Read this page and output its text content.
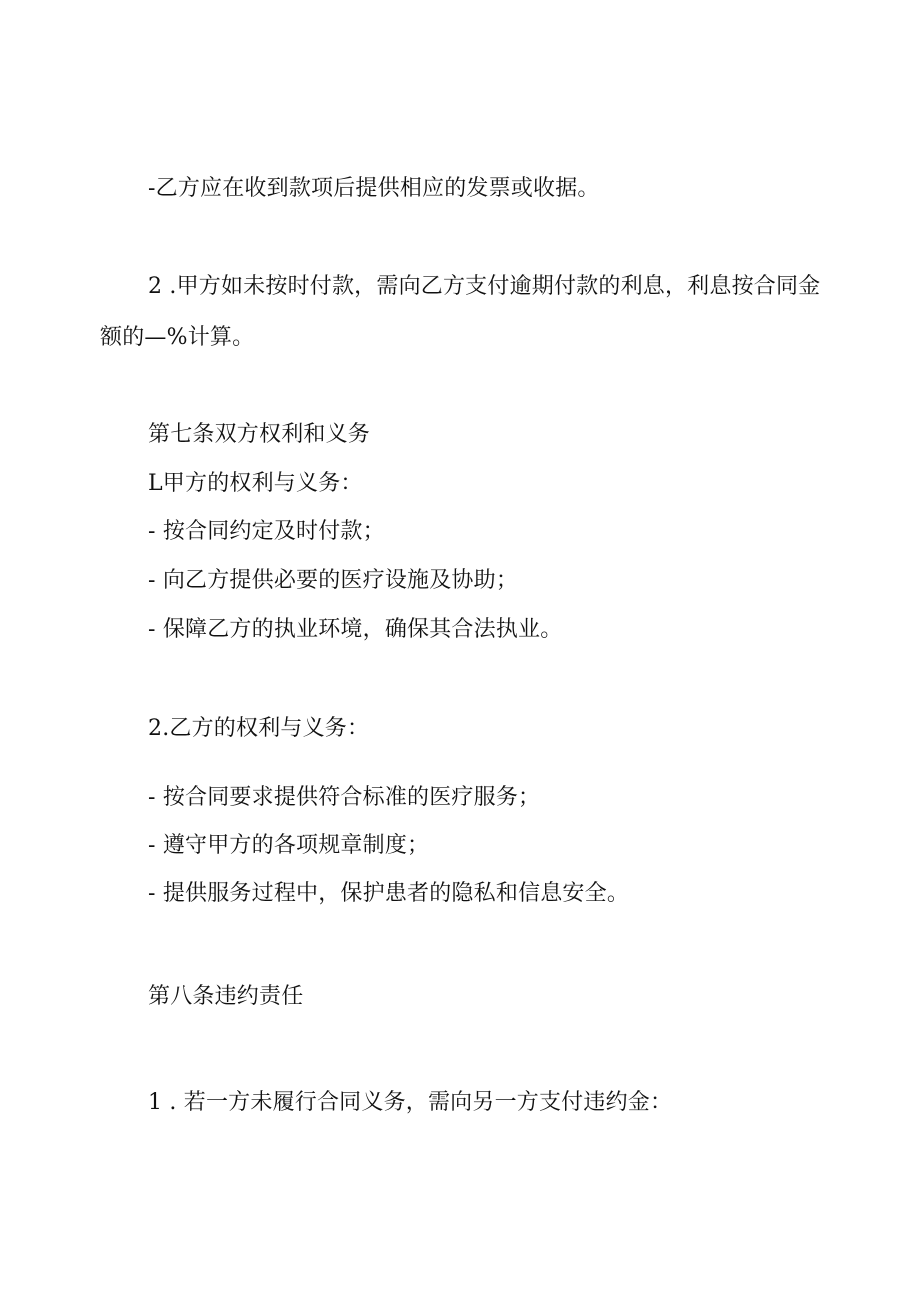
-乙方应在收到款项后提供相应的发票或收据。
2 .甲方如未按时付款，需向乙方支付逾期付款的利息，利息按合同金
额的—%计算。
第七条双方权利和义务
L甲方的权利与义务：
- 按合同约定及时付款；
- 向乙方提供必要的医疗设施及协助；
- 保障乙方的执业环境，确保其合法执业。
2.乙方的权利与义务：
- 按合同要求提供符合标准的医疗服务；
- 遵守甲方的各项规章制度；
- 提供服务过程中，保护患者的隐私和信息安全。
第八条违约责任
1 . 若一方未履行合同义务，需向另一方支付违约金：
